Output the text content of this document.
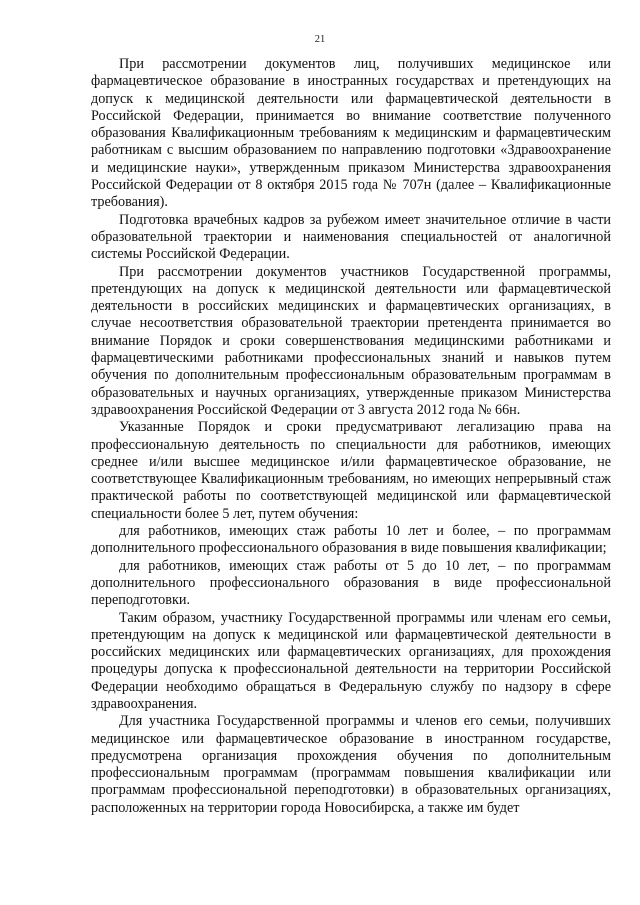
21

При рассмотрении документов лиц, получивших медицинское или фармацевтическое образование в иностранных государствах и претендующих на допуск к медицинской деятельности или фармацевтической деятельности в Российской Федерации, принимается во внимание соответствие полученного образования Квалификационным требованиям к медицинским и фармацевтическим работникам с высшим образованием по направлению подготовки «Здравоохранение и медицинские науки», утвержденным приказом Министерства здравоохранения Российской Федерации от 8 октября 2015 года № 707н (далее – Квалификационные требования).

Подготовка врачебных кадров за рубежом имеет значительное отличие в части образовательной траектории и наименования специальностей от аналогичной системы Российской Федерации.

При рассмотрении документов участников Государственной программы, претендующих на допуск к медицинской деятельности или фармацевтической деятельности в российских медицинских и фармацевтических организациях, в случае несоответствия образовательной траектории претендента принимается во внимание Порядок и сроки совершенствования медицинскими работниками и фармацевтическими работниками профессиональных знаний и навыков путем обучения по дополнительным профессиональным образовательным программам в образовательных и научных организациях, утвержденные приказом Министерства здравоохранения Российской Федерации от 3 августа 2012 года № 66н.

Указанные Порядок и сроки предусматривают легализацию права на профессиональную деятельность по специальности для работников, имеющих среднее и/или высшее медицинское и/или фармацевтическое образование, не соответствующее Квалификационным требованиям, но имеющих непрерывный стаж практической работы по соответствующей медицинской или фармацевтической специальности более 5 лет, путем обучения:

для работников, имеющих стаж работы 10 лет и более, – по программам дополнительного профессионального образования в виде повышения квалификации;

для работников, имеющих стаж работы от 5 до 10 лет, – по программам дополнительного профессионального образования в виде профессиональной переподготовки.

Таким образом, участнику Государственной программы или членам его семьи, претендующим на допуск к медицинской или фармацевтической деятельности в российских медицинских или фармацевтических организациях, для прохождения процедуры допуска к профессиональной деятельности на территории Российской Федерации необходимо обращаться в Федеральную службу по надзору в сфере здравоохранения.

Для участника Государственной программы и членов его семьи, получивших медицинское или фармацевтическое образование в иностранном государстве, предусмотрена организация прохождения обучения по дополнительным профессиональным программам (программам повышения квалификации или программам профессиональной переподготовки) в образовательных организациях, расположенных на территории города Новосибирска, а также им будет
